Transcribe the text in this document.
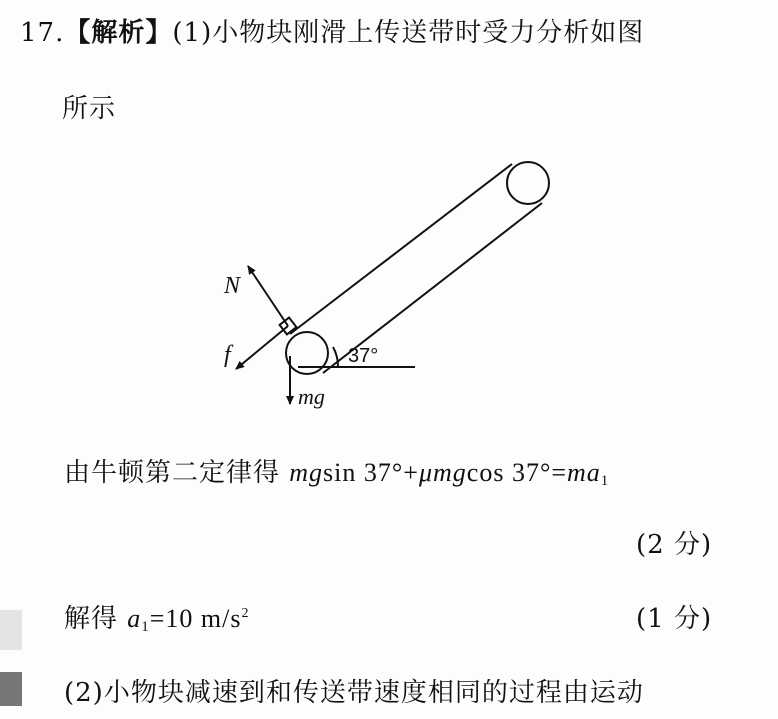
17.【解析】(1)小物块刚滑上传送带时受力分析如图
所示
N
f
mg
37°
由牛顿第二定律得 mgsin 37°+μmgcos $37^\circ=ma_1$
(2 分)
解得 $a_1=10$ $m/s^2$	(1 分)
(2)小物块减速到和传送带速度相同的过程由运动
